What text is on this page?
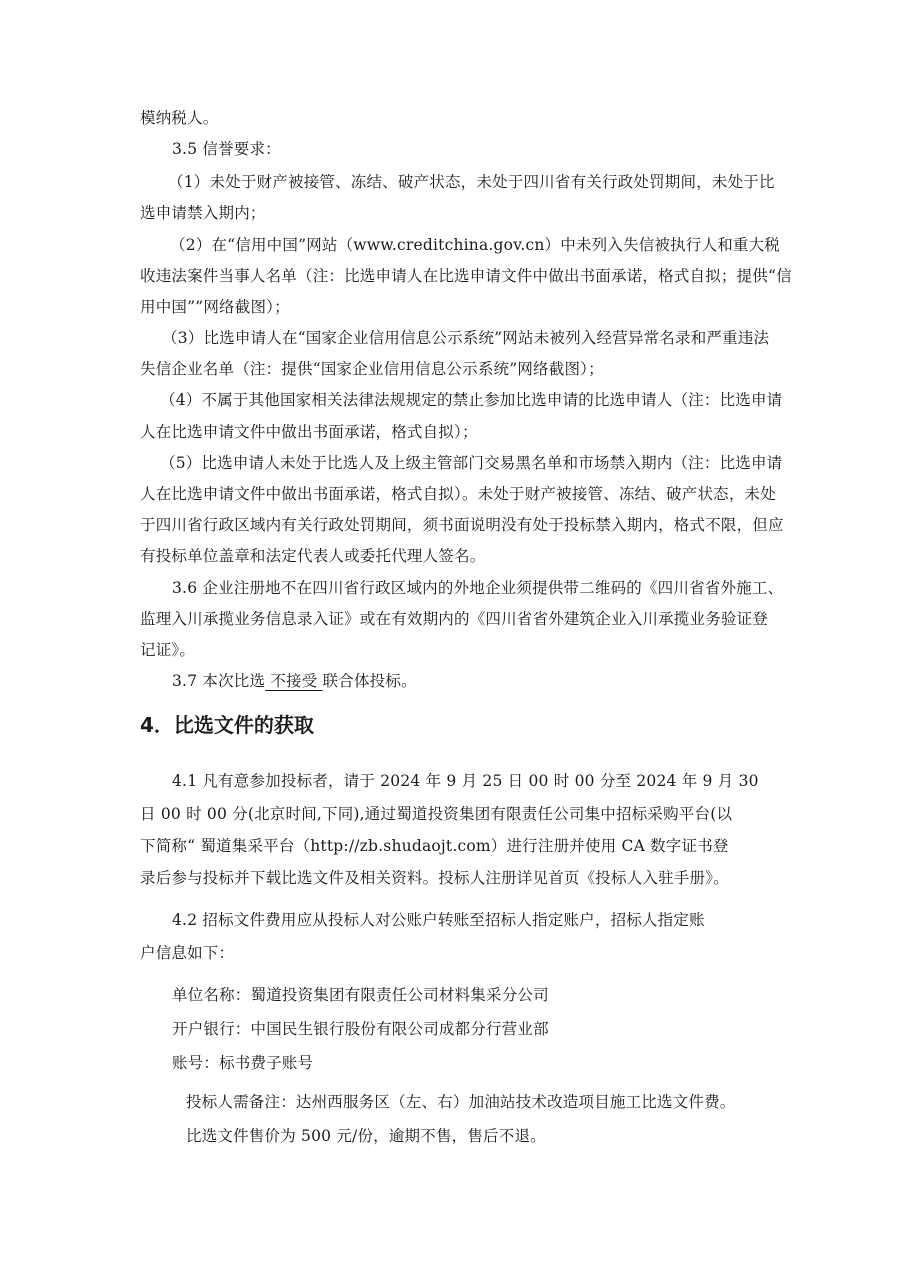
模纳税人。
3.5 信誉要求：
（1）未处于财产被接管、冻结、破产状态，未处于四川省有关行政处罚期间，未处于比
选申请禁入期内；
（2）在“信用中国”网站（www.creditchina.gov.cn）中未列入失信被执行人和重大税
收违法案件当事人名单（注：比选申请人在比选申请文件中做出书面承诺，格式自拟；提供“信
用中国””网络截图）；
（3）比选申请人在“国家企业信用信息公示系统”网站未被列入经营异常名录和严重违法
失信企业名单（注：提供“国家企业信用信息公示系统”网络截图）；
（4）不属于其他国家相关法律法规规定的禁止参加比选申请的比选申请人（注：比选申请
人在比选申请文件中做出书面承诺，格式自拟）；
（5）比选申请人未处于比选人及上级主管部门交易黑名单和市场禁入期内（注：比选申请
人在比选申请文件中做出书面承诺，格式自拟）。未处于财产被接管、冻结、破产状态，未处
于四川省行政区域内有关行政处罚期间，须书面说明没有处于投标禁入期内，格式不限，但应
有投标单位盖章和法定代表人或委托代理人签名。
3.6 企业注册地不在四川省行政区域内的外地企业须提供带二维码的《四川省省外施工、
监理入川承揽业务信息录入证》或在有效期内的《四川省省外建筑企业入川承揽业务验证登
记证》。
3.7 本次比选 不接受 联合体投标。
4．比选文件的获取
4.1 凡有意参加投标者，请于 2024 年 9 月 25 日 00 时 00 分至 2024 年 9 月 30
日 00 时 00 分(北京时间,下同),通过蜀道投资集团有限责任公司集中招标采购平台(以
下简称“ 蜀道集采平台（http://zb.shudaojt.com）进行注册并使用 CA 数字证书登
录后参与投标并下载比选文件及相关资料。投标人注册详见首页《投标人入驻手册》。
4.2 招标文件费用应从投标人对公账户转账至招标人指定账户，招标人指定账
户信息如下：
单位名称：蜀道投资集团有限责任公司材料集采分公司
开户银行：中国民生银行股份有限公司成都分行营业部
账号：标书费子账号
投标人需备注：达州西服务区（左、右）加油站技术改造项目施工比选文件费。
比选文件售价为 500 元/份，逾期不售，售后不退。
